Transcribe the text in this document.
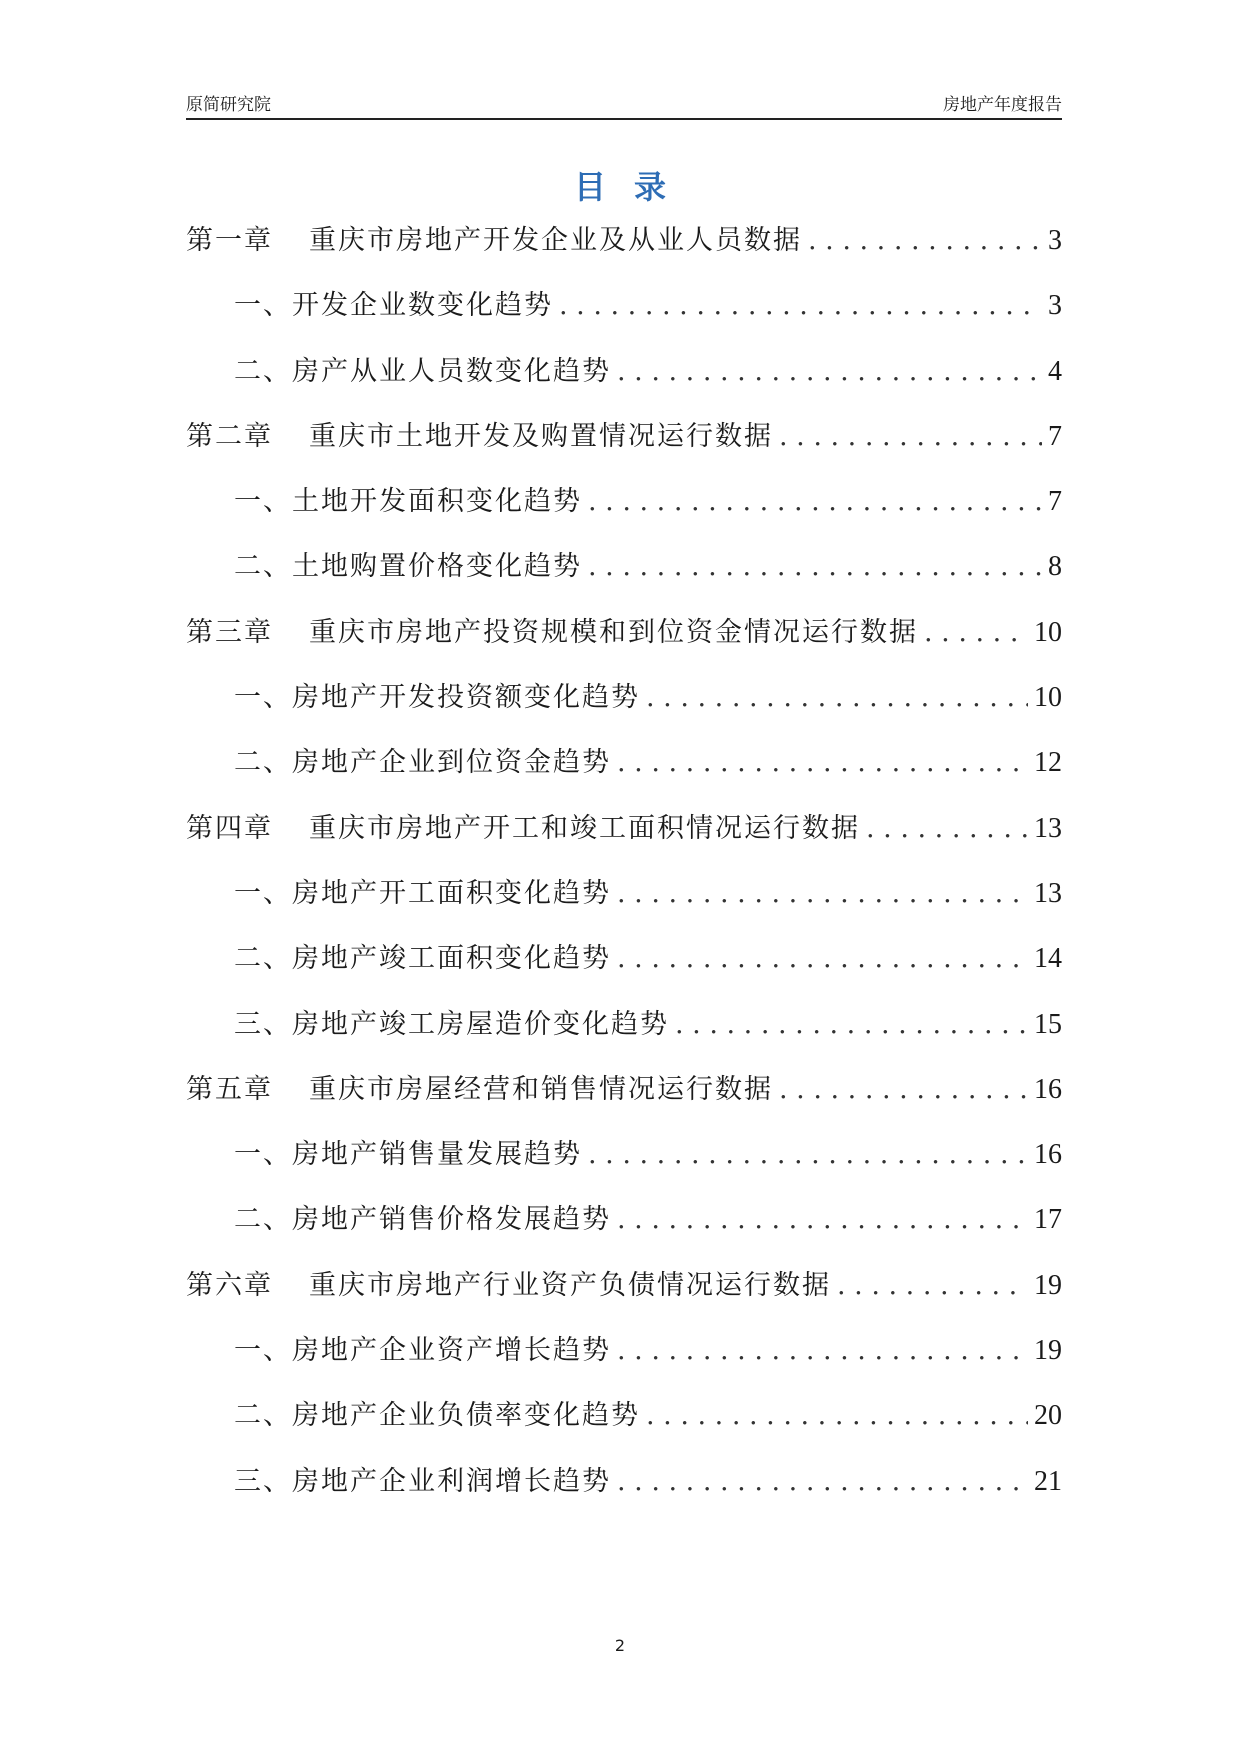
原简研究院	房地产年度报告
目录
第一章 重庆市房地产开发企业及从业人员数据 . . .	3
一、开发企业数变化趋势 . . .	3
二、房产从业人员数变化趋势 . . .	4
第二章 重庆市土地开发及购置情况运行数据 . . .	7
一、土地开发面积变化趋势 . . .	7
二、土地购置价格变化趋势 . . .	8
第三章 重庆市房地产投资规模和到位资金情况运行数据 . . .	10
一、房地产开发投资额变化趋势 . . .	10
二、房地产企业到位资金趋势 . . .	12
第四章 重庆市房地产开工和竣工面积情况运行数据 . . .	13
一、房地产开工面积变化趋势 . . .	13
二、房地产竣工面积变化趋势 . . .	14
三、房地产竣工房屋造价变化趋势 . . .	15
第五章 重庆市房屋经营和销售情况运行数据 . . .	16
一、房地产销售量发展趋势 . . .	16
二、房地产销售价格发展趋势 . . .	17
第六章 重庆市房地产行业资产负债情况运行数据 . . .	19
一、房地产企业资产增长趋势 . . .	19
二、房地产企业负债率变化趋势 . . .	20
三、房地产企业利润增长趋势 . . .	21
2
